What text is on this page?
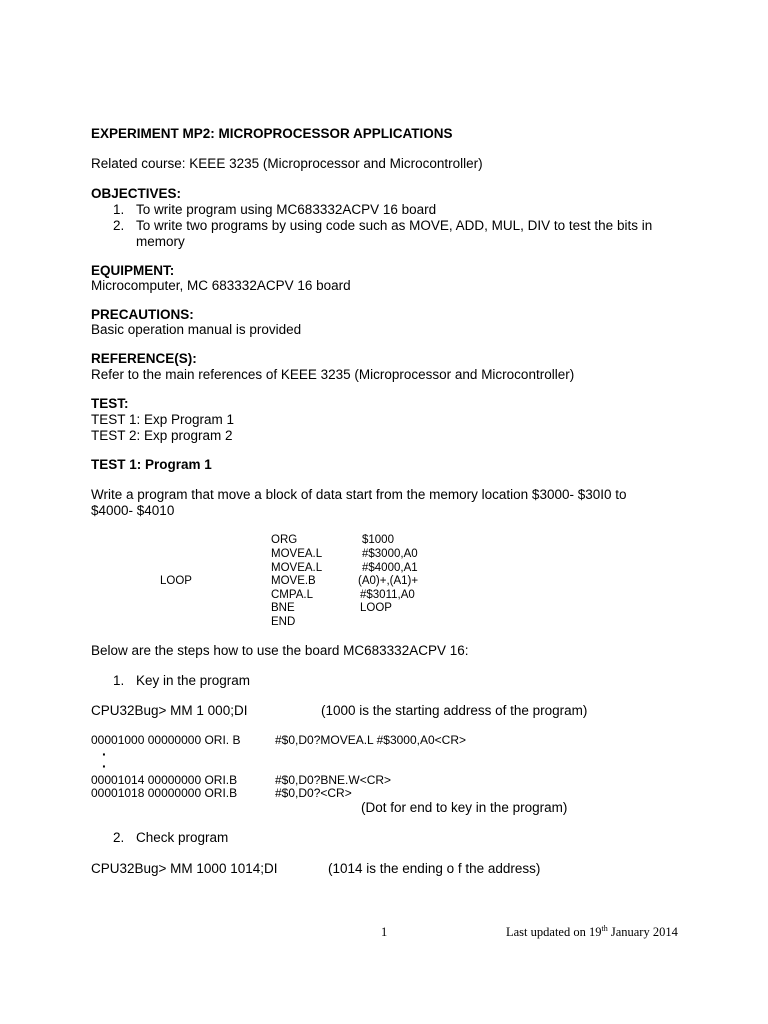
EXPERIMENT MP2: MICROPROCESSOR APPLICATIONS
Related course: KEEE 3235 (Microprocessor and Microcontroller)
OBJECTIVES:
1. To write program using MC683332ACPV 16 board
2. To write two programs by using code such as MOVE, ADD, MUL, DIV to test the bits in
memory
EQUIPMENT:
Microcomputer, MC 683332ACPV 16 board
PRECAUTIONS:
Basic operation manual is provided
REFERENCE(S):
Refer to the main references of KEEE 3235 (Microprocessor and Microcontroller)
TEST:
TEST 1: Exp Program 1
TEST 2: Exp program 2
TEST 1: Program 1
Write a program that move a block of data start from the memory location $3000- $30I0 to
$4000- $4010
ORG	$1000
MOVEA.L	#$3000,A0
MOVEA.L	#$4000,A1
LOOP	MOVE.B	(A0)+,(A1)+
CMPA.L	#$3011,A0
BNE	LOOP
END
Below are the steps how to use the board MC683332ACPV 16:
1. Key in the program
CPU32Bug> MM 1 000;DI	(1000 is the starting address of the program)
00001000 00000000 ORI. B	#$0,D0?MOVEA.L #$3000,A0<CR>
·
·
00001014 00000000 ORI.B	#$0,D0?BNE.W<CR>
00001018 00000000 ORI.B	#$0,D0?<CR>
(Dot for end to key in the program)
2. Check program
CPU32Bug> MM 1000 1014;DI	(1014 is the ending o f the address)
1	Last updated on 19th January 2014
